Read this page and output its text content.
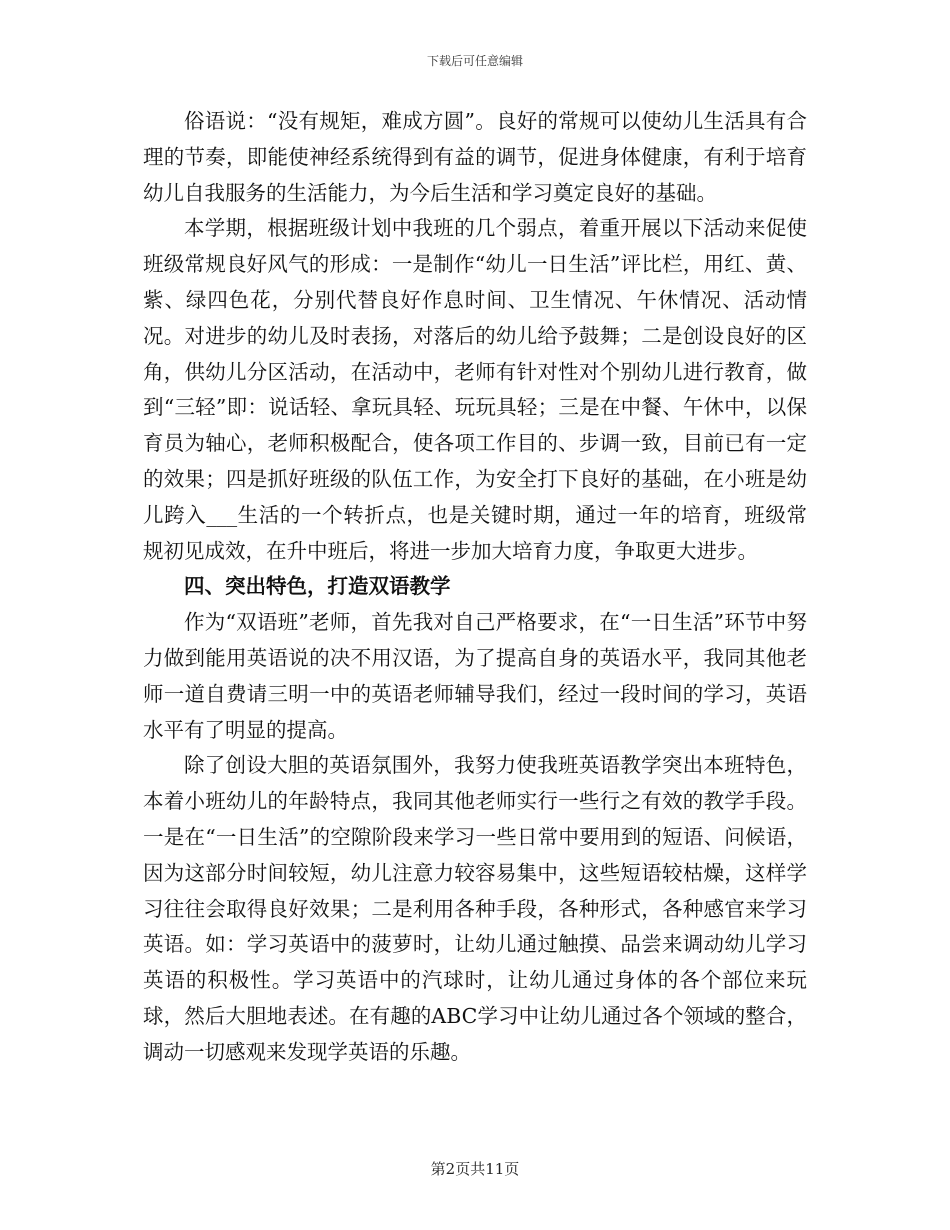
下载后可任意编辑

俗语说：“没有规矩，难成方圆”。良好的常规可以使幼儿生活具有合理的节奏，即能使神经系统得到有益的调节，促进身体健康，有利于培育幼儿自我服务的生活能力，为今后生活和学习奠定良好的基础。

本学期，根据班级计划中我班的几个弱点，着重开展以下活动来促使班级常规良好风气的形成：一是制作“幼儿一日生活”评比栏，用红、黄、紫、绿四色花，分别代替良好作息时间、卫生情况、午休情况、活动情况。对进步的幼儿及时表扬，对落后的幼儿给予鼓舞；二是创设良好的区角，供幼儿分区活动，在活动中，老师有针对性对个别幼儿进行教育，做到“三轻”即：说话轻、拿玩具轻、玩玩具轻；三是在中餐、午休中，以保育员为轴心，老师积极配合，使各项工作目的、步调一致，目前已有一定的效果；四是抓好班级的队伍工作，为安全打下良好的基础，在小班是幼儿跨入___生活的一个转折点，也是关键时期，通过一年的培育，班级常规初见成效，在升中班后，将进一步加大培育力度，争取更大进步。

四、突出特色，打造双语教学

作为“双语班”老师，首先我对自己严格要求，在“一日生活”环节中努力做到能用英语说的决不用汉语，为了提高自身的英语水平，我同其他老师一道自费请三明一中的英语老师辅导我们，经过一段时间的学习，英语水平有了明显的提高。

除了创设大胆的英语氛围外，我努力使我班英语教学突出本班特色，本着小班幼儿的年龄特点，我同其他老师实行一些行之有效的教学手段。一是在“一日生活”的空隙阶段来学习一些日常中要用到的短语、问候语，因为这部分时间较短，幼儿注意力较容易集中，这些短语较枯燥，这样学习往往会取得良好效果；二是利用各种手段，各种形式，各种感官来学习英语。如：学习英语中的菠萝时，让幼儿通过触摸、品尝来调动幼儿学习英语的积极性。学习英语中的汽球时，让幼儿通过身体的各个部位来玩球，然后大胆地表述。在有趣的ABC学习中让幼儿通过各个领域的整合，调动一切感观来发现学英语的乐趣。

第2页共11页
